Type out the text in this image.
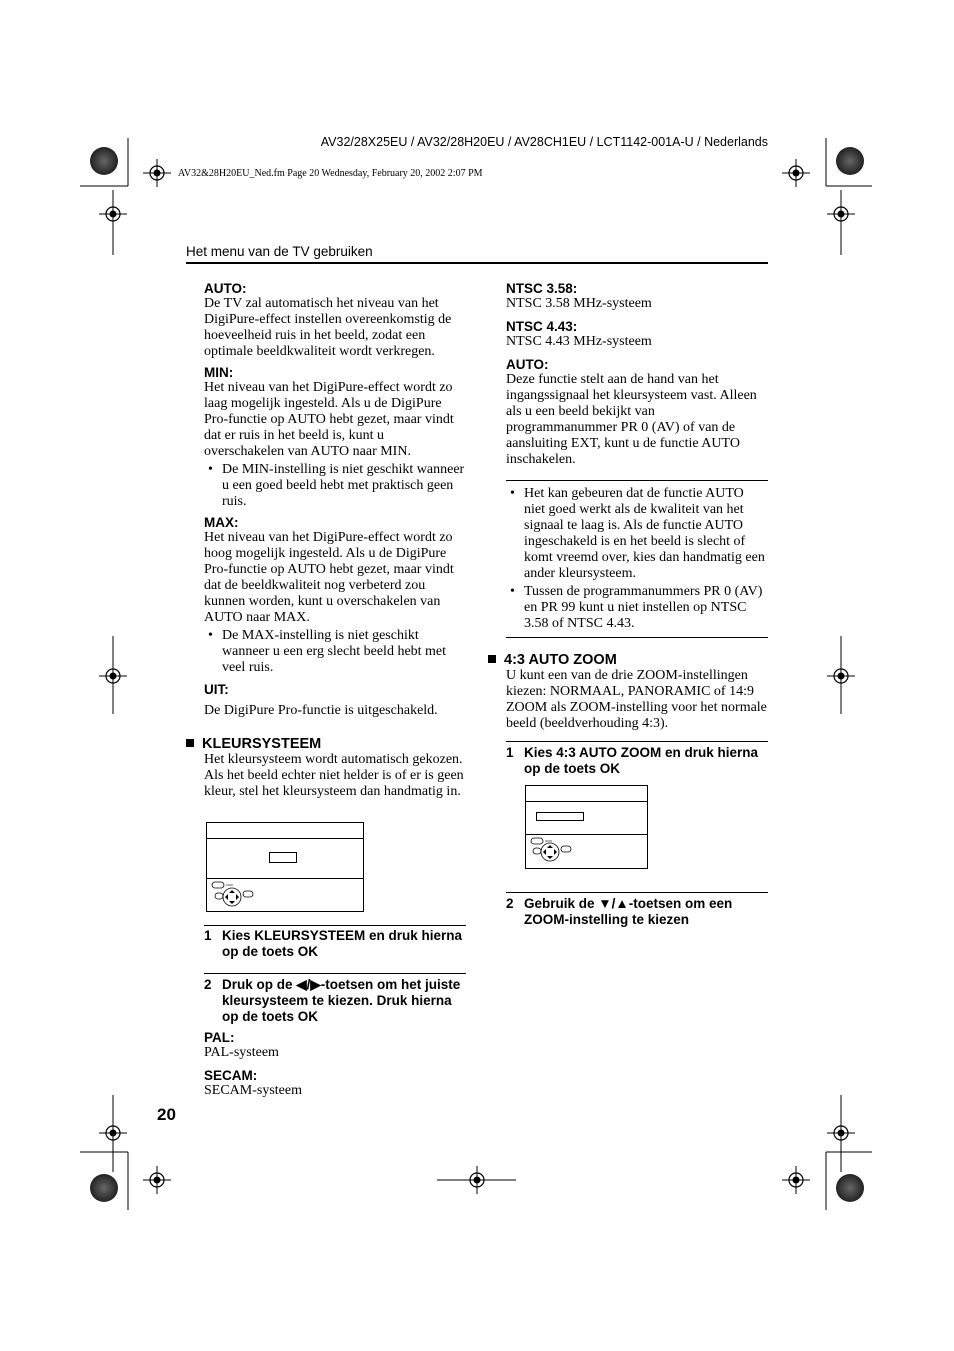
AV32/28X25EU / AV32/28H20EU / AV28CH1EU / LCT1142-001A-U / Nederlands
AV32&28H20EU_Ned.fm Page 20 Wednesday, February 20, 2002 2:07 PM
Het menu van de TV gebruiken
AUTO:
De TV zal automatisch het niveau van het DigiPure-effect instellen overeenkomstig de hoeveelheid ruis in het beeld, zodat een optimale beeldkwaliteit wordt verkregen.
MIN:
Het niveau van het DigiPure-effect wordt zo laag mogelijk ingesteld. Als u de DigiPure Pro-functie op AUTO hebt gezet, maar vindt dat er ruis in het beeld is, kunt u overschakelen van AUTO naar MIN.
• De MIN-instelling is niet geschikt wanneer u een goed beeld hebt met praktisch geen ruis.
MAX:
Het niveau van het DigiPure-effect wordt zo hoog mogelijk ingesteld. Als u de DigiPure Pro-functie op AUTO hebt gezet, maar vindt dat de beeldkwaliteit nog verbeterd zou kunnen worden, kunt u overschakelen van AUTO naar MAX.
• De MAX-instelling is niet geschikt wanneer u een erg slecht beeld hebt met veel ruis.
UIT:
De DigiPure Pro-functie is uitgeschakeld.
KLEURSYSTEEM
Het kleursysteem wordt automatisch gekozen. Als het beeld echter niet helder is of er is geen kleur, stel het kleursysteem dan handmatig in.
1 Kies KLEURSYSTEEM en druk hierna op de toets OK
2 Druk op de ◀/▶-toetsen om het juiste kleursysteem te kiezen. Druk hierna op de toets OK
PAL:
PAL-systeem
SECAM:
SECAM-systeem
NTSC 3.58:
NTSC 3.58 MHz-systeem
NTSC 4.43:
NTSC 4.43 MHz-systeem
AUTO:
Deze functie stelt aan de hand van het ingangssignaal het kleursysteem vast. Alleen als u een beeld bekijkt van programmanummer PR 0 (AV) of van de aansluiting EXT, kunt u de functie AUTO inschakelen.
• Het kan gebeuren dat de functie AUTO niet goed werkt als de kwaliteit van het signaal te laag is. Als de functie AUTO ingeschakeld is en het beeld is slecht of komt vreemd over, kies dan handmatig een ander kleursysteem.
• Tussen de programmanummers PR 0 (AV) en PR 99 kunt u niet instellen op NTSC 3.58 of NTSC 4.43.
4:3 AUTO ZOOM
U kunt een van de drie ZOOM-instellingen kiezen: NORMAAL, PANORAMIC of 14:9 ZOOM als ZOOM-instelling voor het normale beeld (beeldverhouding 4:3).
1 Kies 4:3 AUTO ZOOM en druk hierna op de toets OK
2 Gebruik de ▼/▲-toetsen om een ZOOM-instelling te kiezen
20
